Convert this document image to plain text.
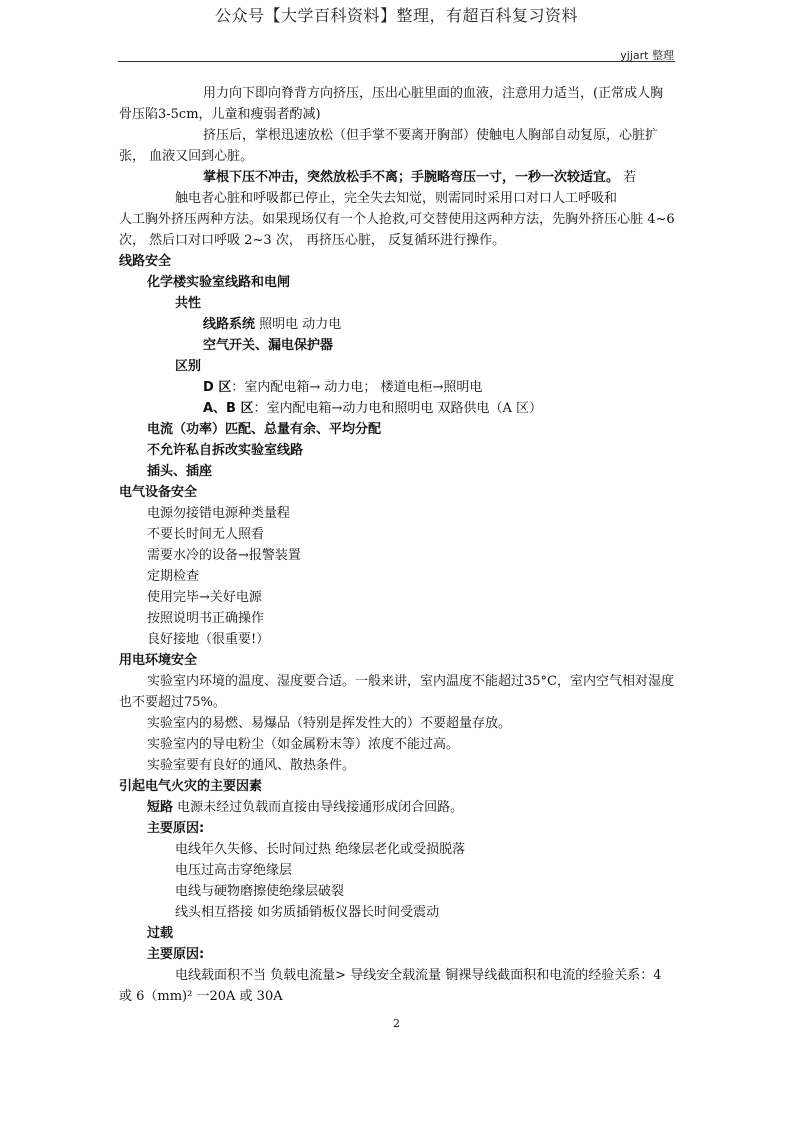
公众号【大学百科资料】整理，有超百科复习资料
yjjart 整理

用力向下即向脊背方向挤压，压出心脏里面的血液，注意用力适当，(正常成人胸骨压陷3-5cm，儿童和瘦弱者酌减)

挤压后，掌根迅速放松（但手掌不要离开胸部）使触电人胸部自动复原，心脏扩张， 血液又回到心脏。

掌根下压不冲击，突然放松手不离；手腕略弯压一寸，一秒一次较适宜。 若

触电者心脏和呼吸都已停止，完全失去知觉，则需同时采用口对口人工呼吸和

人工胸外挤压两种方法。如果现场仅有一个人抢救,可交替使用这两种方法，先胸外挤压心脏 4~6 次， 然后口对口呼吸 2~3 次， 再挤压心脏， 反复循环进行操作。

线路安全

化学楼实验室线路和电闸

共性

线路系统 照明电 动力电

空气开关、漏电保护器

区别

D 区：室内配电箱→ 动力电； 楼道电柜→照明电

A、B 区：室内配电箱→动力电和照明电 双路供电（A 区）

电流（功率）匹配、总量有余、平均分配

不允许私自拆改实验室线路

插头、插座

电气设备安全

电源勿接错电源种类量程

不要长时间无人照看

需要水冷的设备→报警装置

定期检查

使用完毕→关好电源

按照说明书正确操作

良好接地（很重要!）

用电环境安全

实验室内环境的温度、湿度要合适。一般来讲，室内温度不能超过35°C，室内空气相对湿度也不要超过75%。

实验室内的易燃、易爆品（特别是挥发性大的）不要超量存放。

实验室内的导电粉尘（如金属粉末等）浓度不能过高。

实验室要有良好的通风、散热条件。

引起电气火灾的主要因素

短路 电源未经过负载而直接由导线接通形成闭合回路。

主要原因:

电线年久失修、长时间过热 绝缘层老化或受损脱落

电压过高击穿绝缘层

电线与硬物磨擦使绝缘层破裂

线头相互搭接 如劣质插销板仪器长时间受震动

过载

主要原因:

电线载面积不当 负载电流量> 导线安全载流量 铜裸导线截面积和电流的经验关系：4 或 6（mm)² 一20A 或 30A

2
